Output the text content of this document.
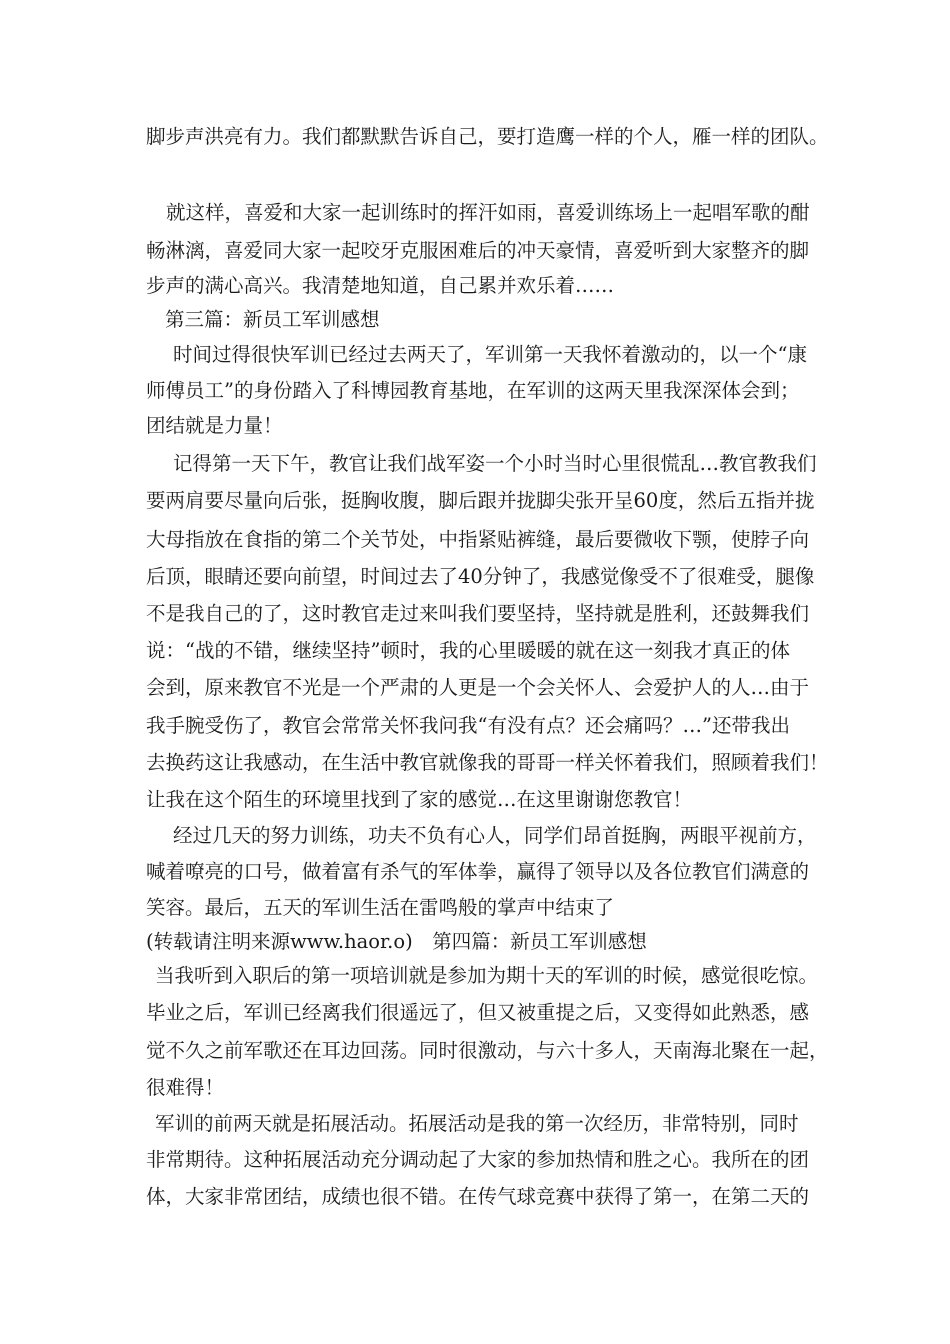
脚步声洪亮有力。我们都默默告诉自己，要打造鹰一样的个人，雁一样的团队。
就这样，喜爱和大家一起训练时的挥汗如雨，喜爱训练场上一起唱军歌的酣
畅淋漓，喜爱同大家一起咬牙克服困难后的冲天豪情，喜爱听到大家整齐的脚
步声的满心高兴。我清楚地知道，自己累并欢乐着……
第三篇：新员工军训感想
时间过得很快军训已经过去两天了，军训第一天我怀着激动的，以一个“康
师傅员工”的身份踏入了科博园教育基地，在军训的这两天里我深深体会到；
团结就是力量！
记得第一天下午，教官让我们战军姿一个小时当时心里很慌乱…教官教我们
要两肩要尽量向后张，挺胸收腹，脚后跟并拢脚尖张开呈60度，然后五指并拢
大母指放在食指的第二个关节处，中指紧贴裤缝，最后要微收下颚，使脖子向
后顶，眼睛还要向前望，时间过去了40分钟了，我感觉像受不了很难受，腿像
不是我自己的了，这时教官走过来叫我们要坚持，坚持就是胜利，还鼓舞我们
说：“战的不错，继续坚持”顿时，我的心里暖暖的就在这一刻我才真正的体
会到，原来教官不光是一个严肃的人更是一个会关怀人、会爱护人的人…由于
我手腕受伤了，教官会常常关怀我问我“有没有点？还会痛吗？…”还带我出
去换药这让我感动，在生活中教官就像我的哥哥一样关怀着我们，照顾着我们！
让我在这个陌生的环境里找到了家的感觉…在这里谢谢您教官！
经过几天的努力训练，功夫不负有心人，同学们昂首挺胸，两眼平视前方，
喊着嘹亮的口号，做着富有杀气的军体拳，赢得了领导以及各位教官们满意的
笑容。最后，五天的军训生活在雷鸣般的掌声中结束了
(转载请注明来源www.haor.o)　第四篇：新员工军训感想
当我听到入职后的第一项培训就是参加为期十天的军训的时候，感觉很吃惊。
毕业之后，军训已经离我们很遥远了，但又被重提之后，又变得如此熟悉，感
觉不久之前军歌还在耳边回荡。同时很激动，与六十多人，天南海北聚在一起，
很难得！
军训的前两天就是拓展活动。拓展活动是我的第一次经历，非常特别，同时
非常期待。这种拓展活动充分调动起了大家的参加热情和胜之心。我所在的团
体，大家非常团结，成绩也很不错。在传气球竞赛中获得了第一，在第二天的
